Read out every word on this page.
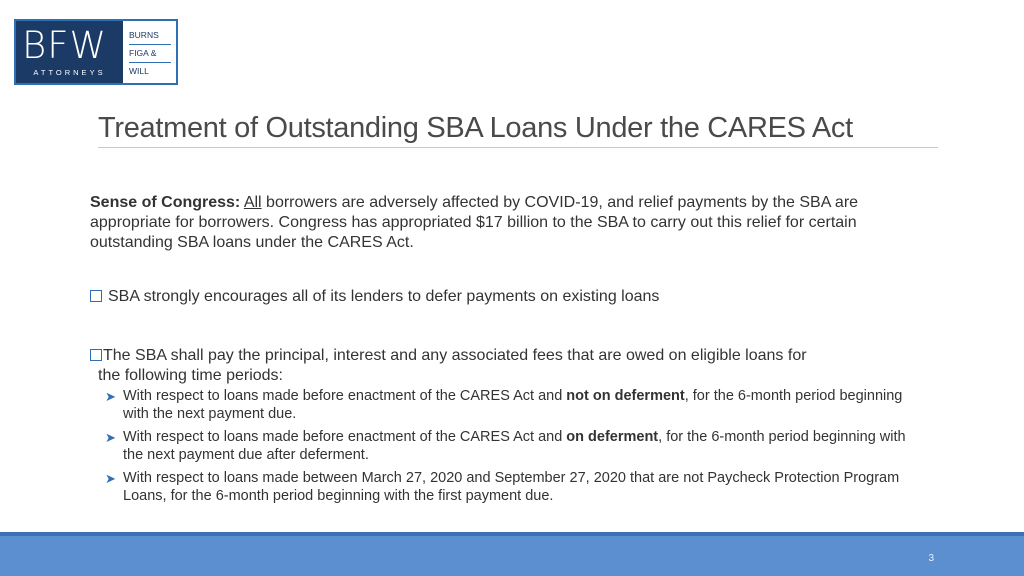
BFW
ATTORNEYS
BURNS
FIGA &
WILL
Treatment of Outstanding SBA Loans Under the CARES Act
Sense of Congress: All borrowers are adversely affected by COVID-19, and relief payments by the SBA are appropriate for borrowers. Congress has appropriated $17 billion to the SBA to carry out this relief for certain outstanding SBA loans under the CARES Act.
SBA strongly encourages all of its lenders to defer payments on existing loans
The SBA shall pay the principal, interest and any associated fees that are owed on eligible loans for
the following time periods:
➤ With respect to loans made before enactment of the CARES Act and not on deferment, for the 6-month period beginning with the next payment due.
➤ With respect to loans made before enactment of the CARES Act and on deferment, for the 6-month period beginning with the next payment due after deferment.
➤ With respect to loans made between March 27, 2020 and September 27, 2020 that are not Paycheck Protection Program Loans, for the 6-month period beginning with the first payment due.
3
